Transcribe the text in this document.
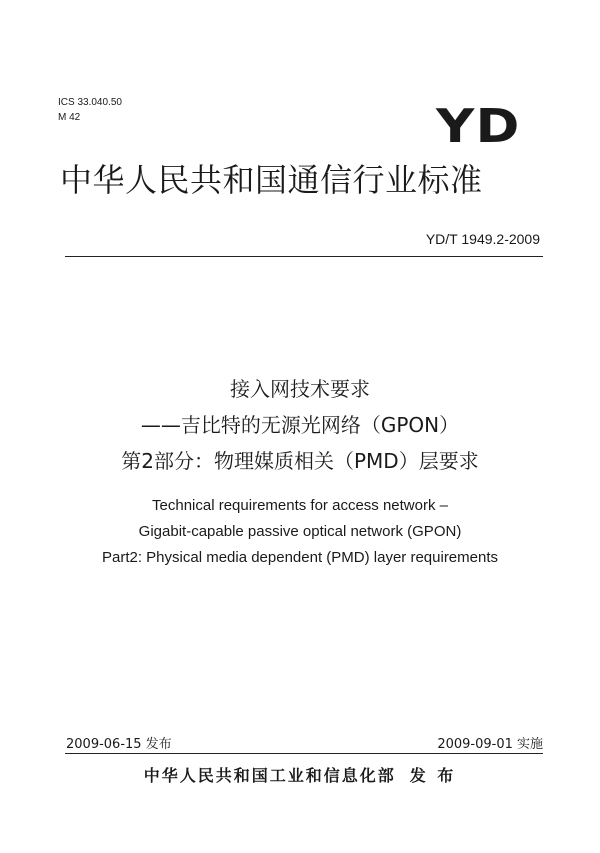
ICS 33.040.50
M 42	YD
中华人民共和国通信行业标准
YD/T 1949.2-2009
接入网技术要求
——吉比特的无源光网络（GPON）
第2部分：物理媒质相关（PMD）层要求
Technical requirements for access network –
Gigabit-capable passive optical network (GPON)
Part2: Physical media dependent (PMD) layer requirements
2009-06-15 发布	2009-09-01 实施
中华人民共和国工业和信息化部 发 布
